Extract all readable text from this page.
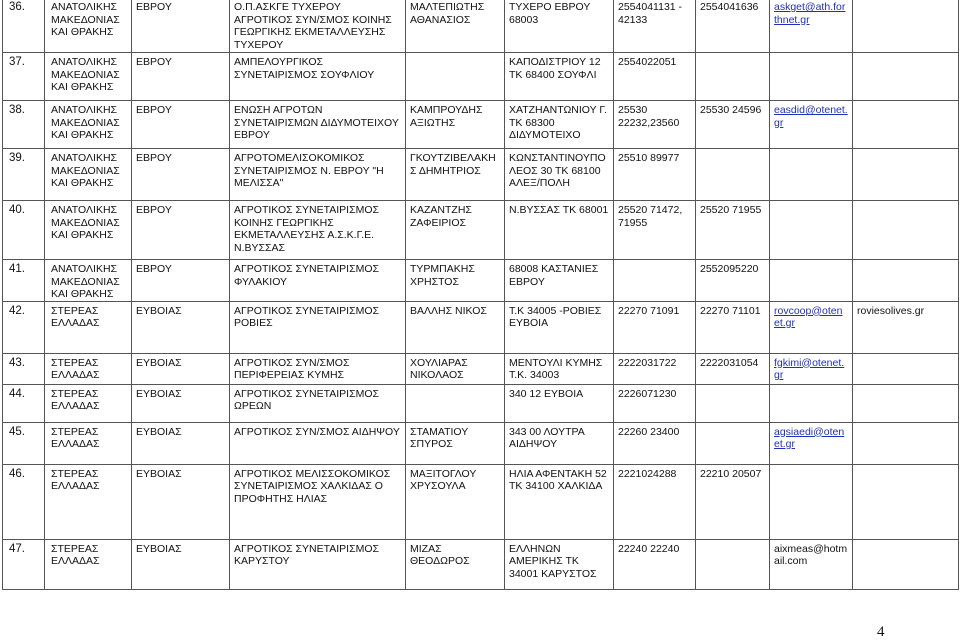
36.	ΑΝΑΤΟΛΙΚΗΣ ΜΑΚΕΔΟΝΙΑΣ ΚΑΙ ΘΡΑΚΗΣ	ΕΒΡΟΥ	Ο.Π.ΑΣΚΓΕ ΤΥΧΕΡΟΥ ΑΓΡΟΤΙΚΟΣ ΣΥΝ/ΣΜΟΣ ΚΟΙΝΗΣ ΓΕΩΡΓΙΚΗΣ ΕΚΜΕΤΑΛΛΕΥΣΗΣ ΤΥΧΕΡΟΥ	ΜΑΛΤΕΠΙΩΤΗΣ ΑΘΑΝΑΣΙΟΣ	ΤΥΧΕΡΟ ΕΒΡΟΥ 68003	2554041131 - 42133	2554041636	askget@ath.forthnet.gr	
37.	ΑΝΑΤΟΛΙΚΗΣ ΜΑΚΕΔΟΝΙΑΣ ΚΑΙ ΘΡΑΚΗΣ	ΕΒΡΟΥ	ΑΜΠΕΛΟΥΡΓΙΚΟΣ ΣΥΝΕΤΑΙΡΙΣΜΟΣ ΣΟΥΦΛΙΟΥ		ΚΑΠΟΔΙΣΤΡΙΟΥ 12 ΤΚ 68400 ΣΟΥΦΛΙ	2554022051			
38.	ΑΝΑΤΟΛΙΚΗΣ ΜΑΚΕΔΟΝΙΑΣ ΚΑΙ ΘΡΑΚΗΣ	ΕΒΡΟΥ	ΕΝΩΣΗ ΑΓΡΟΤΩΝ ΣΥΝΕΤΑΙΡΙΣΜΩΝ ΔΙΔΥΜΟΤΕΙΧΟΥ ΕΒΡΟΥ	ΚΑΜΠΡΟΥΔΗΣ ΑΞΙΩΤΗΣ	ΧΑΤΖΗΑΝΤΩΝΙΟΥ Γ. ΤΚ 68300 ΔΙΔΥΜΟΤΕΙΧΟ	25530 22232,23560	25530 24596	easdid@otenet.gr	
39.	ΑΝΑΤΟΛΙΚΗΣ ΜΑΚΕΔΟΝΙΑΣ ΚΑΙ ΘΡΑΚΗΣ	ΕΒΡΟΥ	ΑΓΡΟΤΟΜΕΛΙΣΟΚΟΜΙΚΟΣ ΣΥΝΕΤΑΙΡΙΣΜΟΣ Ν. ΕΒΡΟΥ "Η ΜΕΛΙΣΣΑ"	ΓΚΟΥΤΖΙΒΕΛΑΚΗΣ ΔΗΜΗΤΡΙΟΣ	ΚΩΝΣΤΑΝΤΙΝΟΥΠΟΛΕΟΣ 30 ΤΚ 68100 ΑΛΕΞ/ΠΟΛΗ	25510 89977			
40.	ΑΝΑΤΟΛΙΚΗΣ ΜΑΚΕΔΟΝΙΑΣ ΚΑΙ ΘΡΑΚΗΣ	ΕΒΡΟΥ	ΑΓΡΟΤΙΚΟΣ ΣΥΝΕΤΑΙΡΙΣΜΟΣ ΚΟΙΝΗΣ ΓΕΩΡΓΙΚΗΣ ΕΚΜΕΤΑΛΛΕΥΣΗΣ Α.Σ.Κ.Γ.Ε. Ν.ΒΥΣΣΑΣ	ΚΑΖΑΝΤΖΗΣ ΖΑΦΕΙΡΙΟΣ	Ν.ΒΥΣΣΑΣ ΤΚ 68001	25520 71472, 71955	25520 71955		
41.	ΑΝΑΤΟΛΙΚΗΣ ΜΑΚΕΔΟΝΙΑΣ ΚΑΙ ΘΡΑΚΗΣ	ΕΒΡΟΥ	ΑΓΡΟΤΙΚΟΣ ΣΥΝΕΤΑΙΡΙΣΜΟΣ ΦΥΛΑΚΙΟΥ	ΤΥΡΜΠΑΚΗΣ ΧΡΗΣΤΟΣ	68008 ΚΑΣΤΑΝΙΕΣ ΕΒΡΟΥ		2552095220		
42.	ΣΤΕΡΕΑΣ ΕΛΛΑΔΑΣ	ΕΥΒΟΙΑΣ	ΑΓΡΟΤΙΚΟΣ ΣΥΝΕΤΑΙΡΙΣΜΟΣ ΡΟΒΙΕΣ	ΒΑΛΛΗΣ ΝΙΚΟΣ	Τ.Κ 34005 -ΡΟΒΙΕΣ ΕΥΒΟΙΑ	22270 71091	22270 71101	rovcoop@otenet.gr	roviesolives.gr
43.	ΣΤΕΡΕΑΣ ΕΛΛΑΔΑΣ	ΕΥΒΟΙΑΣ	ΑΓΡΟΤΙΚΟΣ ΣΥΝ/ΣΜΟΣ ΠΕΡΙΦΕΡΕΙΑΣ ΚΥΜΗΣ	ΧΟΥΛΙΑΡΑΣ ΝΙΚΟΛΑΟΣ	ΜΕΝΤΟΥΛΙ ΚΥΜΗΣ Τ.Κ. 34003	2222031722	2222031054	fgkimi@otenet.gr	
44.	ΣΤΕΡΕΑΣ ΕΛΛΑΔΑΣ	ΕΥΒΟΙΑΣ	ΑΓΡΟΤΙΚΟΣ ΣΥΝΕΤΑΙΡΙΣΜΟΣ ΩΡΕΩΝ		340 12 ΕΥΒΟΙΑ	2226071230			
45.	ΣΤΕΡΕΑΣ ΕΛΛΑΔΑΣ	ΕΥΒΟΙΑΣ	ΑΓΡΟΤΙΚΟΣ ΣΥΝ/ΣΜΟΣ ΑΙΔΗΨΟΥ	ΣΤΑΜΑΤΙΟΥ ΣΠΥΡΟΣ	343 00 ΛΟΥΤΡΑ ΑΙΔΗΨΟΥ	22260 23400		agsiaedi@otenet.gr	
46.	ΣΤΕΡΕΑΣ ΕΛΛΑΔΑΣ	ΕΥΒΟΙΑΣ	ΑΓΡΟΤΙΚΟΣ ΜΕΛΙΣΣΟΚΟΜΙΚΟΣ ΣΥΝΕΤΑΙΡΙΣΜΟΣ ΧΑΛΚΙΔΑΣ Ο ΠΡΟΦΗΤΗΣ ΗΛΙΑΣ	ΜΑΞΙΤΟΓΛΟΥ ΧΡΥΣΟΥΛΑ	ΗΛΙΑ ΑΦΕΝΤΑΚΗ 52 ΤΚ 34100 ΧΑΛΚΙΔΑ	2221024288	22210 20507		
47.	ΣΤΕΡΕΑΣ ΕΛΛΑΔΑΣ	ΕΥΒΟΙΑΣ	ΑΓΡΟΤΙΚΟΣ ΣΥΝΕΤΑΙΡΙΣΜΟΣ ΚΑΡΥΣΤΟΥ	ΜΙΖΑΣ ΘΕΟΔΩΡΟΣ	ΕΛΛΗΝΩΝ ΑΜΕΡΙΚΗΣ ΤΚ 34001 ΚΑΡΥΣΤΟΣ	22240 22240		aixmeas@hotmail.com	
4
